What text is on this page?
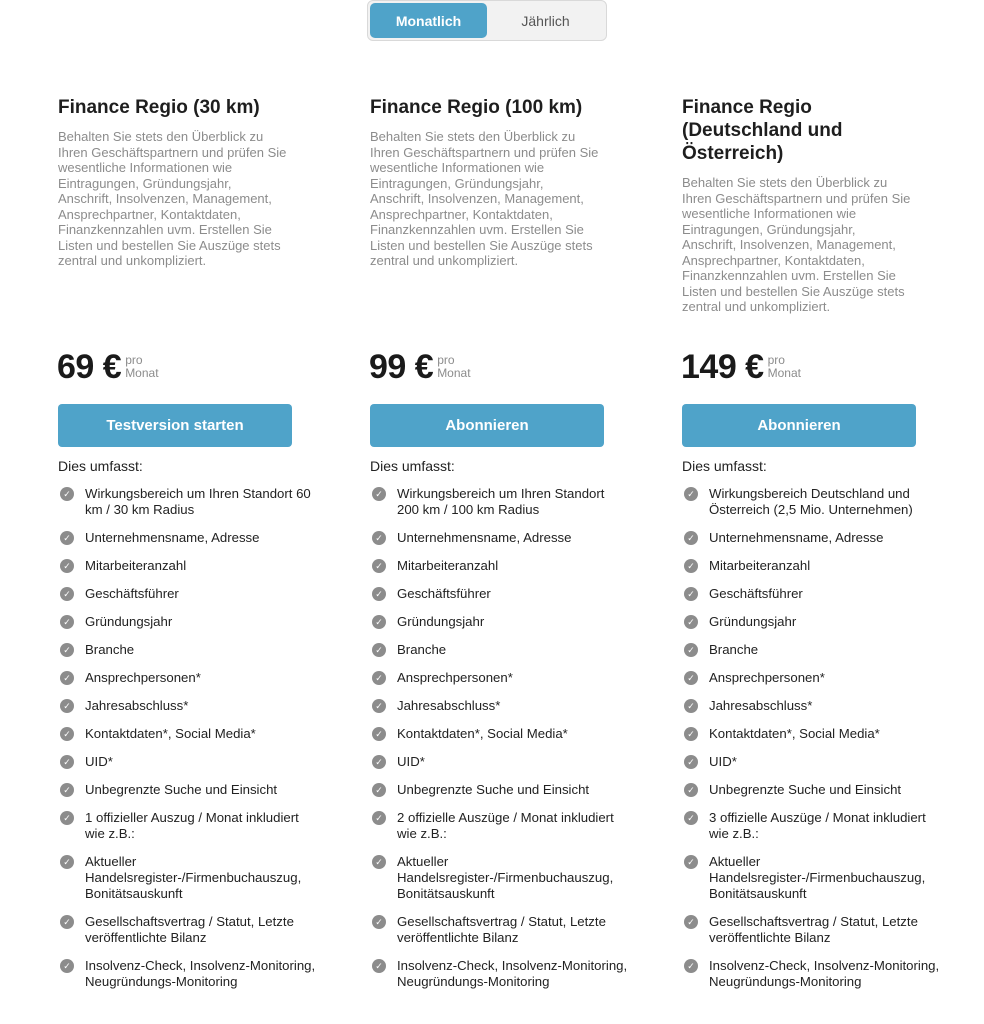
Monatlich	Jährlich
Finance Regio (30 km)

Behalten Sie stets den Überblick zu Ihren Geschäftspartnern und prüfen Sie wesentliche Informationen wie Eintragungen, Gründungsjahr, Anschrift, Insolvenzen, Management, Ansprechpartner, Kontaktdaten, Finanzkennzahlen uvm. Erstellen Sie Listen und bestellen Sie Auszüge stets zentral und unkompliziert.

69 € pro
Monat
Testversion starten
Dies umfasst:
✓ Wirkungsbereich um Ihren Standort 60 km / 30 km Radius
✓ Unternehmensname, Adresse
✓ Mitarbeiteranzahl
✓ Geschäftsführer
✓ Gründungsjahr
✓ Branche
✓ Ansprechpersonen*
✓ Jahresabschluss*
✓ Kontaktdaten*, Social Media*
✓ UID*
✓ Unbegrenzte Suche und Einsicht
✓ 1 offizieller Auszug / Monat inkludiert wie z.B.:
✓ Aktueller Handelsregister-/Firmenbuchauszug, Bonitätsauskunft
✓ Gesellschaftsvertrag / Statut, Letzte veröffentlichte Bilanz
✓ Insolvenz-Check, Insolvenz-Monitoring, Neugründungs-Monitoring
Finance Regio (100 km)

Behalten Sie stets den Überblick zu Ihren Geschäftspartnern und prüfen Sie wesentliche Informationen wie Eintragungen, Gründungsjahr, Anschrift, Insolvenzen, Management, Ansprechpartner, Kontaktdaten, Finanzkennzahlen uvm. Erstellen Sie Listen und bestellen Sie Auszüge stets zentral und unkompliziert.

99 € pro
Monat
Abonnieren
Dies umfasst:
✓ Wirkungsbereich um Ihren Standort 200 km / 100 km Radius
✓ Unternehmensname, Adresse
✓ Mitarbeiteranzahl
✓ Geschäftsführer
✓ Gründungsjahr
✓ Branche
✓ Ansprechpersonen*
✓ Jahresabschluss*
✓ Kontaktdaten*, Social Media*
✓ UID*
✓ Unbegrenzte Suche und Einsicht
✓ 2 offizielle Auszüge / Monat inkludiert wie z.B.:
✓ Aktueller Handelsregister-/Firmenbuchauszug, Bonitätsauskunft
✓ Gesellschaftsvertrag / Statut, Letzte veröffentlichte Bilanz
✓ Insolvenz-Check, Insolvenz-Monitoring, Neugründungs-Monitoring
Finance Regio (Deutschland und Österreich)

Behalten Sie stets den Überblick zu Ihren Geschäftspartnern und prüfen Sie wesentliche Informationen wie Eintragungen, Gründungsjahr, Anschrift, Insolvenzen, Management, Ansprechpartner, Kontaktdaten, Finanzkennzahlen uvm. Erstellen Sie Listen und bestellen Sie Auszüge stets zentral und unkompliziert.

149 € pro
Monat
Abonnieren
Dies umfasst:
✓ Wirkungsbereich Deutschland und Österreich (2,5 Mio. Unternehmen)
✓ Unternehmensname, Adresse
✓ Mitarbeiteranzahl
✓ Geschäftsführer
✓ Gründungsjahr
✓ Branche
✓ Ansprechpersonen*
✓ Jahresabschluss*
✓ Kontaktdaten*, Social Media*
✓ UID*
✓ Unbegrenzte Suche und Einsicht
✓ 3 offizielle Auszüge / Monat inkludiert wie z.B.:
✓ Aktueller Handelsregister-/Firmenbuchauszug, Bonitätsauskunft
✓ Gesellschaftsvertrag / Statut, Letzte veröffentlichte Bilanz
✓ Insolvenz-Check, Insolvenz-Monitoring, Neugründungs-Monitoring
